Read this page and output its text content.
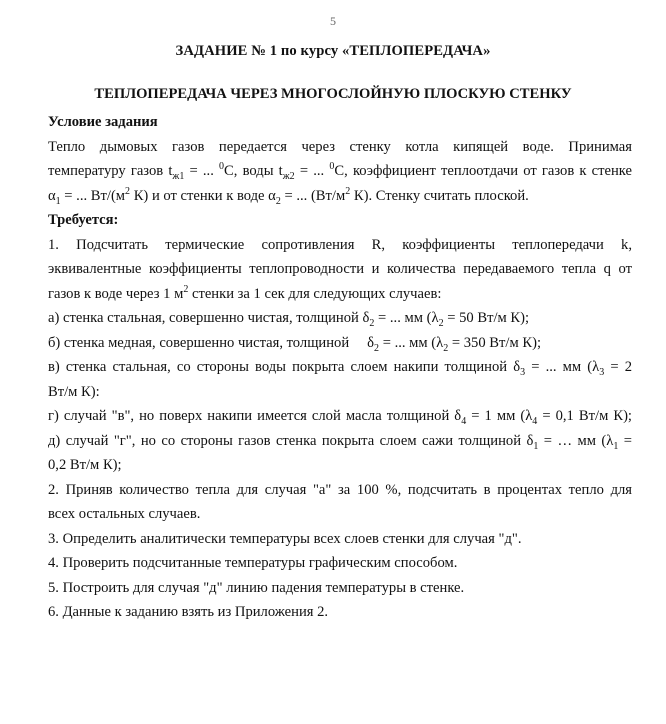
5
ЗАДАНИЕ № 1 по курсу «ТЕПЛОПЕРЕДАЧА»
ТЕПЛОПЕРЕДАЧА ЧЕРЕЗ МНОГОСЛОЙНУЮ ПЛОСКУЮ СТЕНКУ
Условие задания
Тепло дымовых газов передается через стенку котла кипящей воде. Принимая
температуру газов $t_{ж1}$ = ... $^0$С, воды $t_{ж2}$ = ... $^0$С, коэффициент теплоотдачи от газов к стенке
$\alpha_1$ = ... $Вт/(м^2$ К) и от стенки к воде $\alpha_2$ = ... ($Вт/м^2$ К). Стенку считать плоской.
Требуется:
1. Подсчитать термические сопротивления R, коэффициенты теплопередачи k,
эквивалентные коэффициенты теплопроводности и количества передаваемого тепла q от
газов к воде через 1 $м^2$ стенки за 1 сек для следующих случаев:
а) стенка стальная, совершенно чистая, толщиной $\delta_2$ = ... мм ($\lambda_2 = 50$ Вт/м К);
б) стенка медная, совершенно чистая, толщиной $\delta_2$ = ... мм ($\lambda_2 = 350$ Вт/м К);
в) стенка стальная, со стороны воды покрыта слоем накипи толщиной $\delta_3$ = ... мм ($\lambda_3 = 2$
Вт/м К):
г) случай "в", но поверх накипи имеется слой масла толщиной $\delta_4 = 1$ мм ($\lambda_4 = 0,1$ Вт/м К);
д) случай "г", но со стороны газов стенка покрыта слоем сажи толщиной $\delta_1$ = … мм ($\lambda_1$ =
0,2 Вт/м К);
2. Приняв количество тепла для случая "а" за 100 %, подсчитать в процентах тепло для
всех остальных случаев.
3. Определить аналитически температуры всех слоев стенки для случая "д".
4. Проверить подсчитанные температуры графическим способом.
5. Построить для случая "д" линию падения температуры в стенке.
6. Данные к заданию взять из Приложения 2.
